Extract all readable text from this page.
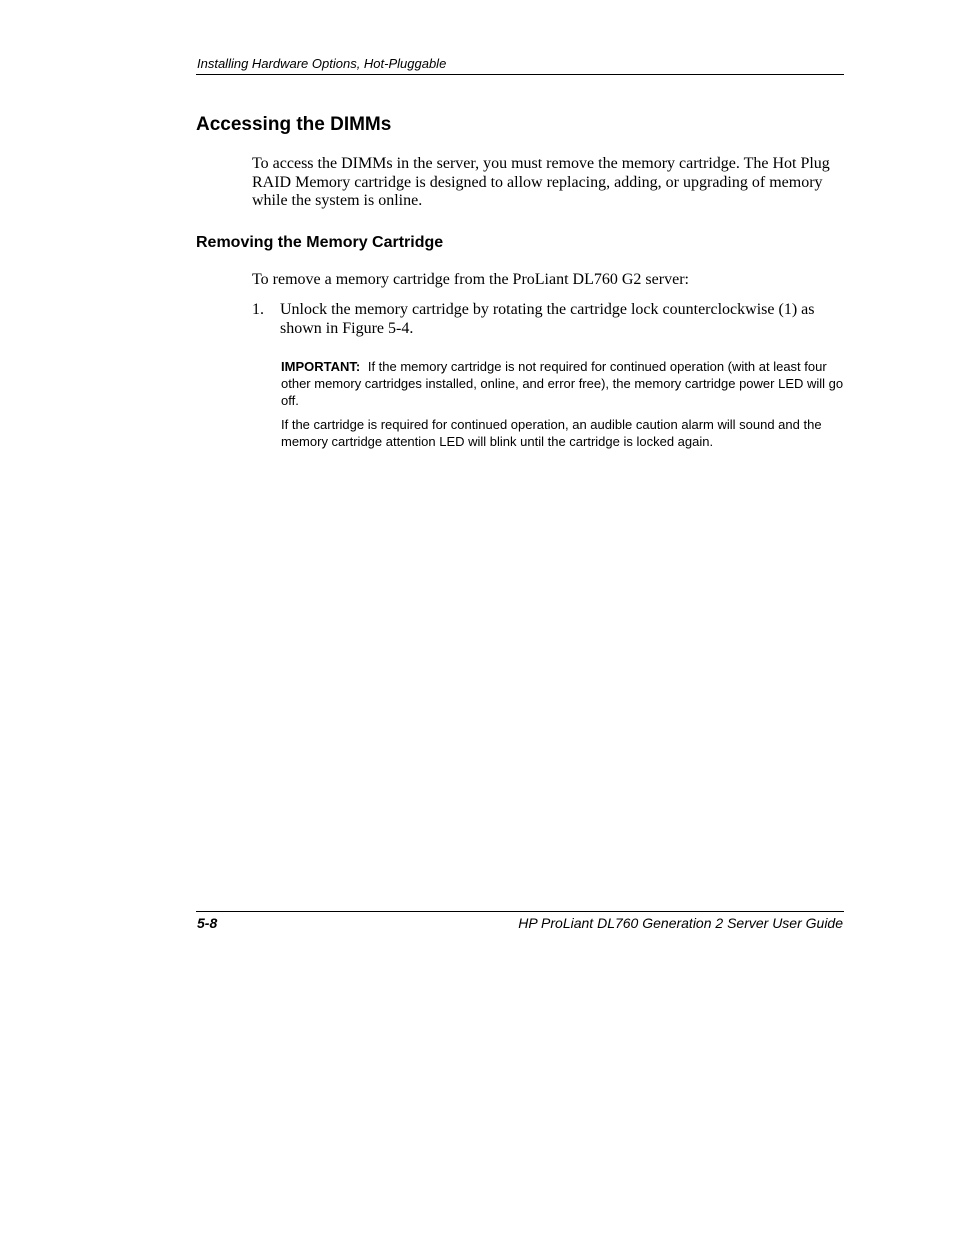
Installing Hardware Options, Hot-Pluggable
Accessing the DIMMs

To access the DIMMs in the server, you must remove the memory cartridge. The Hot Plug RAID Memory cartridge is designed to allow replacing, adding, or upgrading of memory while the system is online.

Removing the Memory Cartridge

To remove a memory cartridge from the ProLiant DL760 G2 server:

1. Unlock the memory cartridge by rotating the cartridge lock counterclockwise (1) as shown in Figure 5-4.

IMPORTANT: If the memory cartridge is not required for continued operation (with at least four other memory cartridges installed, online, and error free), the memory cartridge power LED will go off.

If the cartridge is required for continued operation, an audible caution alarm will sound and the memory cartridge attention LED will blink until the cartridge is locked again.

5-8	HP ProLiant DL760 Generation 2 Server User Guide
